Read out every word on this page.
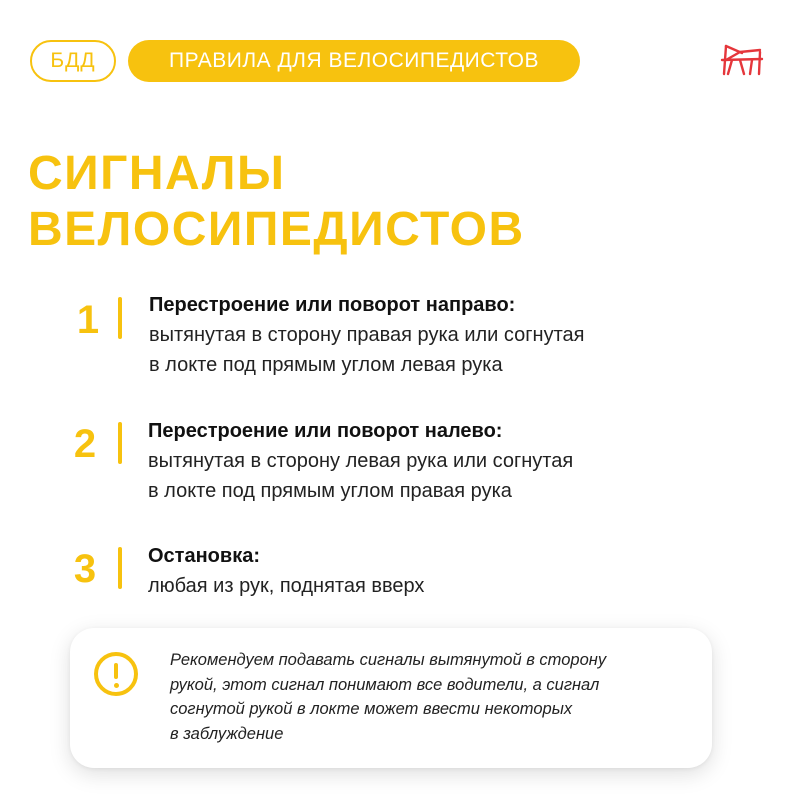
БДД	ПРАВИЛА ДЛЯ ВЕЛОСИПЕДИСТОВ
СИГНАЛЫ
ВЕЛОСИПЕДИСТОВ
1	Перестроение или поворот направо:
вытянутая в сторону правая рука или согнутая
в локте под прямым углом левая рука
2	Перестроение или поворот налево:
вытянутая в сторону левая рука или согнутая
в локте под прямым углом правая рука
3	Остановка:
любая из рук, поднятая вверх
Рекомендуем подавать сигналы вытянутой в сторону
рукой, этот сигнал понимают все водители, а сигнал
согнутой рукой в локте может ввести некоторых
в заблуждение
